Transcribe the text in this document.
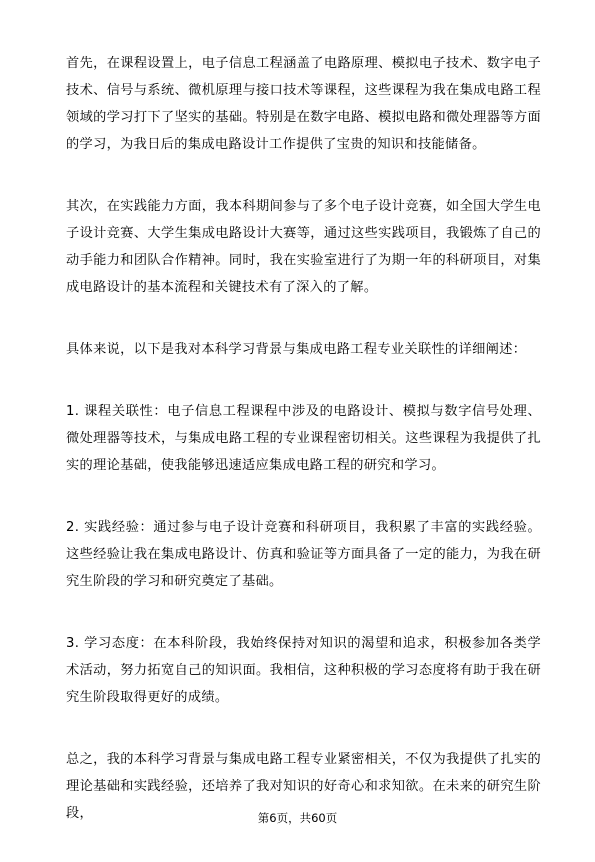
首先，在课程设置上，电子信息工程涵盖了电路原理、模拟电子技术、数字电子技术、信号与系统、微机原理与接口技术等课程，这些课程为我在集成电路工程领域的学习打下了坚实的基础。特别是在数字电路、模拟电路和微处理器等方面的学习，为我日后的集成电路设计工作提供了宝贵的知识和技能储备。

其次，在实践能力方面，我本科期间参与了多个电子设计竞赛，如全国大学生电子设计竞赛、大学生集成电路设计大赛等，通过这些实践项目，我锻炼了自己的动手能力和团队合作精神。同时，我在实验室进行了为期一年的科研项目，对集成电路设计的基本流程和关键技术有了深入的了解。

具体来说，以下是我对本科学习背景与集成电路工程专业关联性的详细阐述：

1. 课程关联性：电子信息工程课程中涉及的电路设计、模拟与数字信号处理、微处理器等技术，与集成电路工程的专业课程密切相关。这些课程为我提供了扎实的理论基础，使我能够迅速适应集成电路工程的研究和学习。

2. 实践经验：通过参与电子设计竞赛和科研项目，我积累了丰富的实践经验。这些经验让我在集成电路设计、仿真和验证等方面具备了一定的能力，为我在研究生阶段的学习和研究奠定了基础。

3. 学习态度：在本科阶段，我始终保持对知识的渴望和追求，积极参加各类学术活动，努力拓宽自己的知识面。我相信，这种积极的学习态度将有助于我在研究生阶段取得更好的成绩。

总之，我的本科学习背景与集成电路工程专业紧密相关，不仅为我提供了扎实的理论基础和实践经验，还培养了我对知识的好奇心和求知欲。在未来的研究生阶段，	第6页，共60页
